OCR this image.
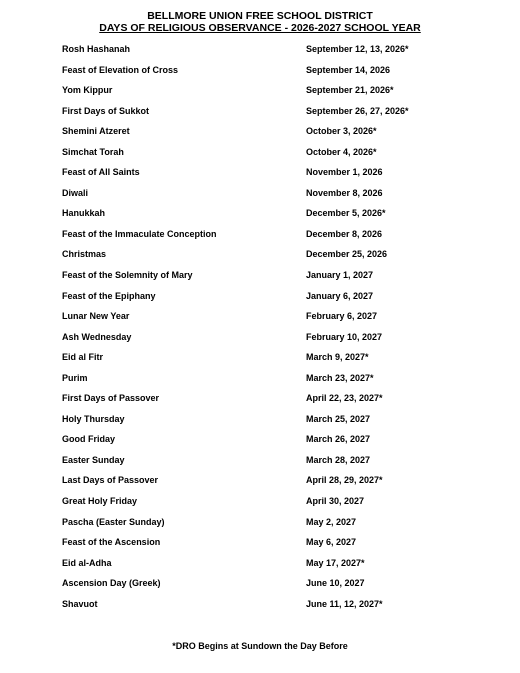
BELLMORE UNION FREE SCHOOL DISTRICT
DAYS OF RELIGIOUS OBSERVANCE - 2026-2027 SCHOOL YEAR
Rosh Hashanah	September 12, 13, 2026*
Feast of Elevation of Cross	September 14, 2026
Yom Kippur	September 21, 2026*
First Days of Sukkot	September 26, 27, 2026*
Shemini Atzeret	October 3, 2026*
Simchat Torah	October 4, 2026*
Feast of All Saints	November 1, 2026
Diwali	November 8, 2026
Hanukkah	December 5, 2026*
Feast of the Immaculate Conception	December 8, 2026
Christmas	December 25, 2026
Feast of the Solemnity of Mary	January 1, 2027
Feast of the Epiphany	January 6, 2027
Lunar New Year	February 6, 2027
Ash Wednesday	February 10, 2027
Eid al Fitr	March 9, 2027*
Purim	March 23, 2027*
First Days of Passover	April 22, 23, 2027*
Holy Thursday	March 25, 2027
Good Friday	March 26, 2027
Easter Sunday	March 28, 2027
Last Days of Passover	April 28, 29, 2027*
Great Holy Friday	April 30, 2027
Pascha (Easter Sunday)	May 2, 2027
Feast of the Ascension	May 6, 2027
Eid al-Adha	May 17, 2027*
Ascension Day (Greek)	June 10, 2027
Shavuot	June 11, 12, 2027*
*DRO Begins at Sundown the Day Before
